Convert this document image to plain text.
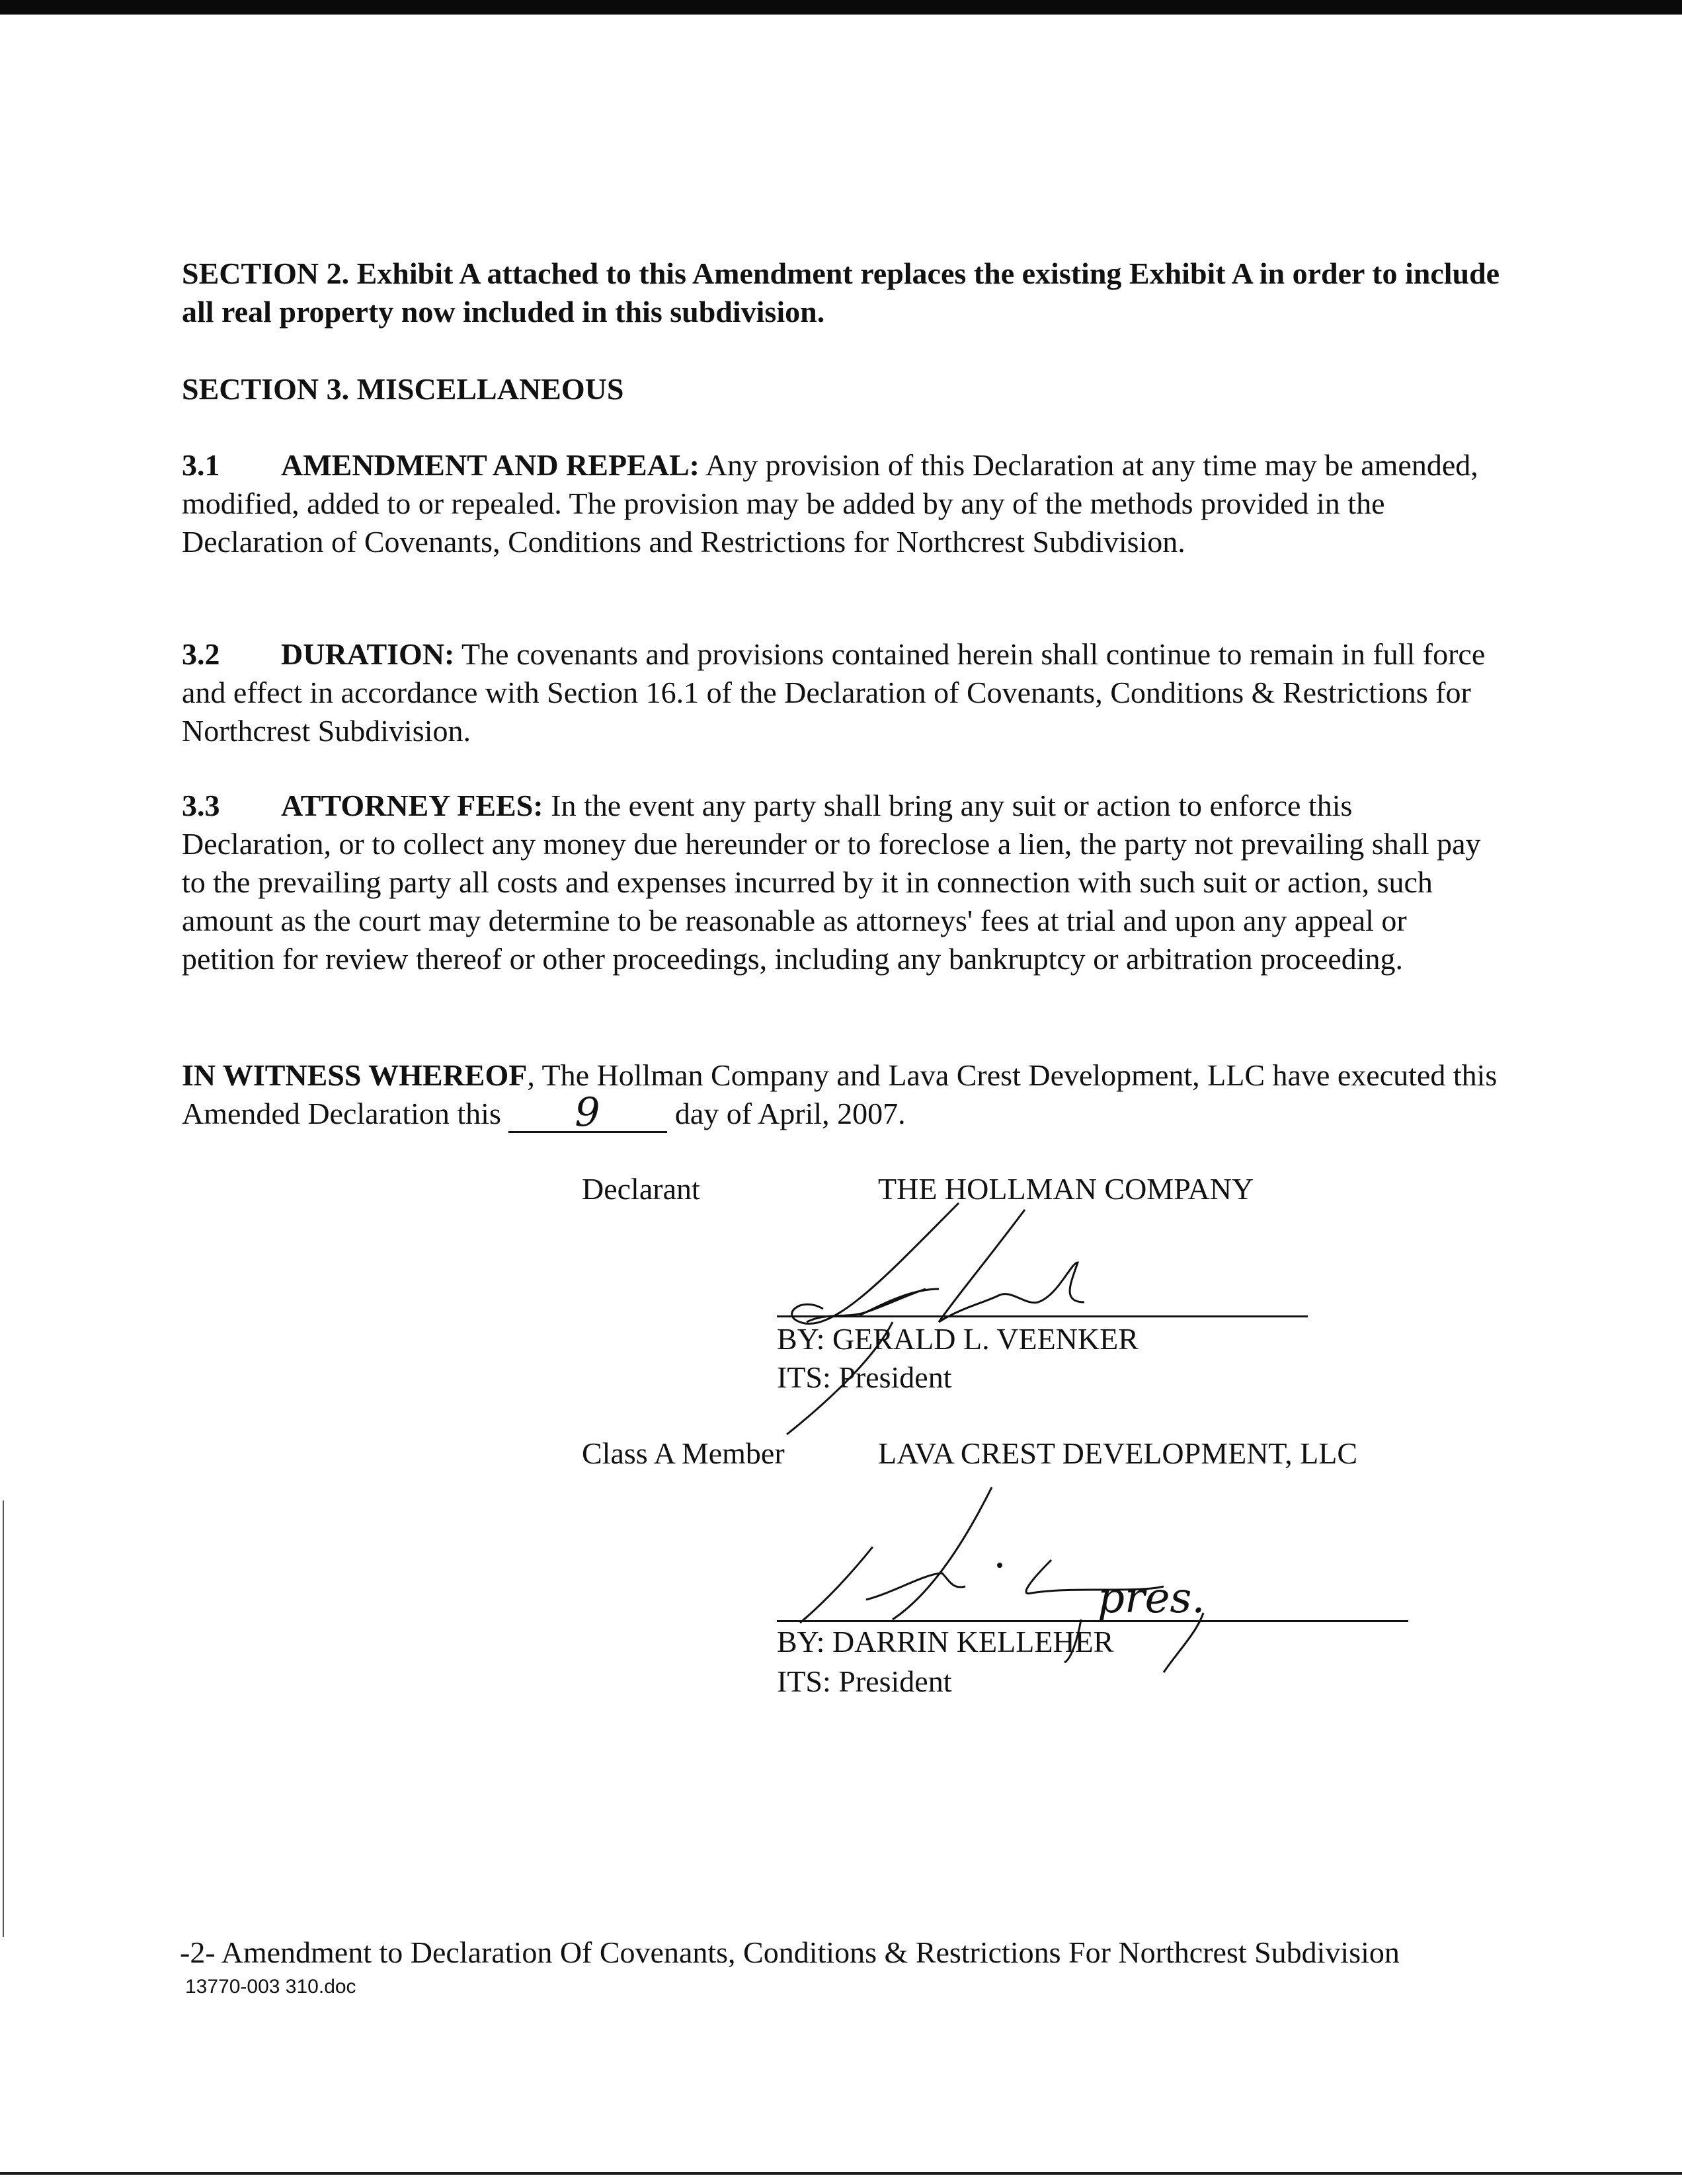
SECTION 2. Exhibit A attached to this Amendment replaces the existing Exhibit A in order to include all real property now included in this subdivision.

SECTION 3. MISCELLANEOUS

3.1 AMENDMENT AND REPEAL: Any provision of this Declaration at any time may be amended, modified, added to or repealed. The provision may be added by any of the methods provided in the Declaration of Covenants, Conditions and Restrictions for Northcrest Subdivision.

3.2 DURATION: The covenants and provisions contained herein shall continue to remain in full force and effect in accordance with Section 16.1 of the Declaration of Covenants, Conditions & Restrictions for Northcrest Subdivision.

3.3 ATTORNEY FEES: In the event any party shall bring any suit or action to enforce this Declaration, or to collect any money due hereunder or to foreclose a lien, the party not prevailing shall pay to the prevailing party all costs and expenses incurred by it in connection with such suit or action, such amount as the court may determine to be reasonable as attorneys' fees at trial and upon any appeal or petition for review thereof or other proceedings, including any bankruptcy or arbitration proceeding.

IN WITNESS WHEREOF, The Hollman Company and Lava Crest Development, LLC have executed this Amended Declaration this 9 day of April, 2007.

Declarant	THE HOLLMAN COMPANY
BY: GERALD L. VEENKER
ITS: President
Class A Member	LAVA CREST DEVELOPMENT, LLC
pres.
BY: DARRIN KELLEHER
ITS: President
-2- Amendment to Declaration Of Covenants, Conditions & Restrictions For Northcrest Subdivision
13770-003 310.doc
